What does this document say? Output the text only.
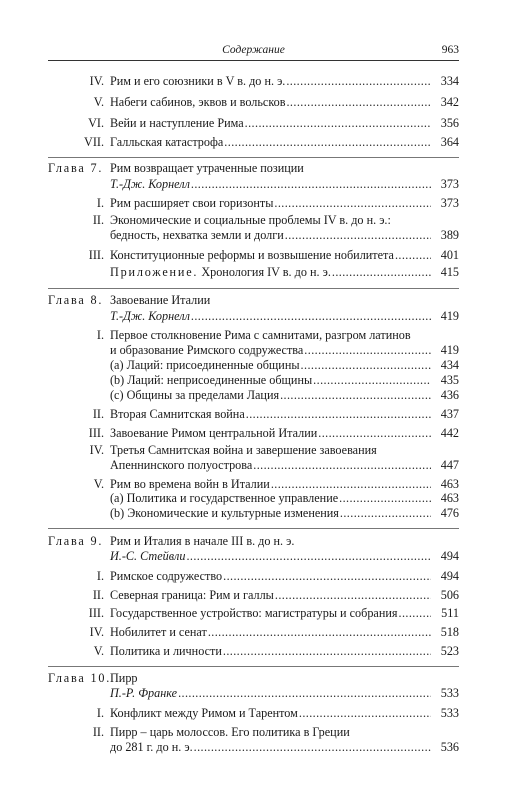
Содержание	963
IV. Рим и его союзники в V в. до н. э. .....	334
V. Набеги сабинов, эквов и вольсков .....	342
VI. Вейи и наступление Рима .....	356
VII. Галльская катастрофа .....	364
Глава 7. Рим возвращает утраченные позиции
Т.-Дж. Корнелл .....	373
I. Рим расширяет свои горизонты .....	373
II. Экономические и социальные проблемы IV в. до н. э.:
бедность, нехватка земли и долги .....	389
III. Конституционные реформы и возвышение нобилитета .....	401
Приложение. Хронология IV в. до н. э. .....	415
Глава 8. Завоевание Италии
Т.-Дж. Корнелл .....	419
I. Первое столкновение Рима с самнитами, разгром латинов
и образование Римского содружества .....	419
(a) Лаций: присоединенные общины .....	434
(b) Лаций: неприсоединенные общины .....	435
(c) Общины за пределами Лация .....	436
II. Вторая Самнитская война .....	437
III. Завоевание Римом центральной Италии .....	442
IV. Третья Самнитская война и завершение завоевания
Апеннинского полуострова .....	447
V. Рим во времена войн в Италии .....	463
(a) Политика и государственное управление .....	463
(b) Экономические и культурные изменения .....	476
Глава 9. Рим и Италия в начале III в. до н. э.
И.-С. Стейвли .....	494
I. Римское содружество .....	494
II. Северная граница: Рим и галлы .....	506
III. Государственное устройство: магистратуры и собрания .....	511
IV. Нобилитет и сенат .....	518
V. Политика и личности .....	523
Глава 10.
Пирр
П.-Р. Франке .....	533
I. Конфликт между Римом и Тарентом .....	533
II. Пирр – царь молоссов. Его политика в Греции
до 281 г. до н. э. .....	536
